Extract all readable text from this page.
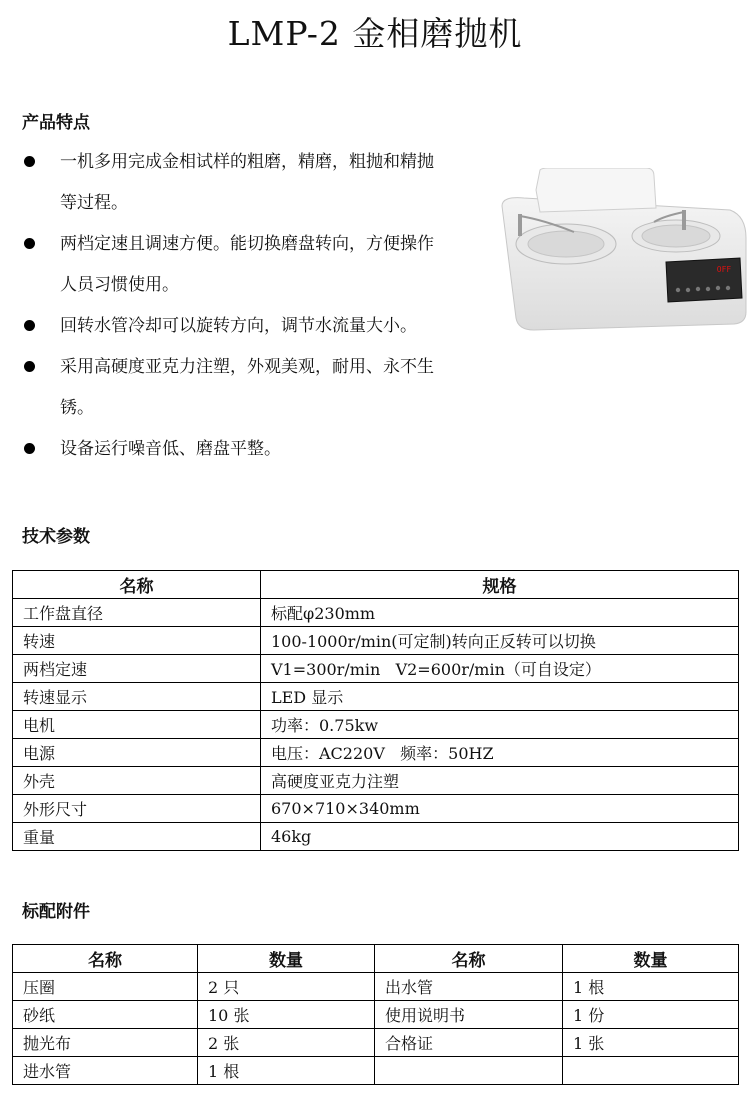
LMP-2 金相磨抛机
产品特点
一机多用完成金相试样的粗磨，精磨，粗抛和精抛
等过程。
两档定速且调速方便。能切换磨盘转向，方便操作
人员习惯使用。
回转水管冷却可以旋转方向，调节水流量大小。
采用高硬度亚克力注塑，外观美观，耐用、永不生
锈。
设备运行噪音低、磨盘平整。
OFF
技术参数
名称	规格
工作盘直径	标配φ230mm
转速	100-1000r/min(可定制)转向正反转可以切换
两档定速	V1=300r/min   V2=600r/min（可自设定）
转速显示	LED 显示
电机	功率：0.75kw
电源	电压：AC220V   频率：50HZ
外壳	高硬度亚克力注塑
外形尺寸	670×710×340mm
重量	46kg
标配附件
名称	数量	名称	数量
压圈	2 只	出水管	1 根
砂纸	10 张	使用说明书	1 份
抛光布	2 张	合格证	1 张
进水管	1 根		
